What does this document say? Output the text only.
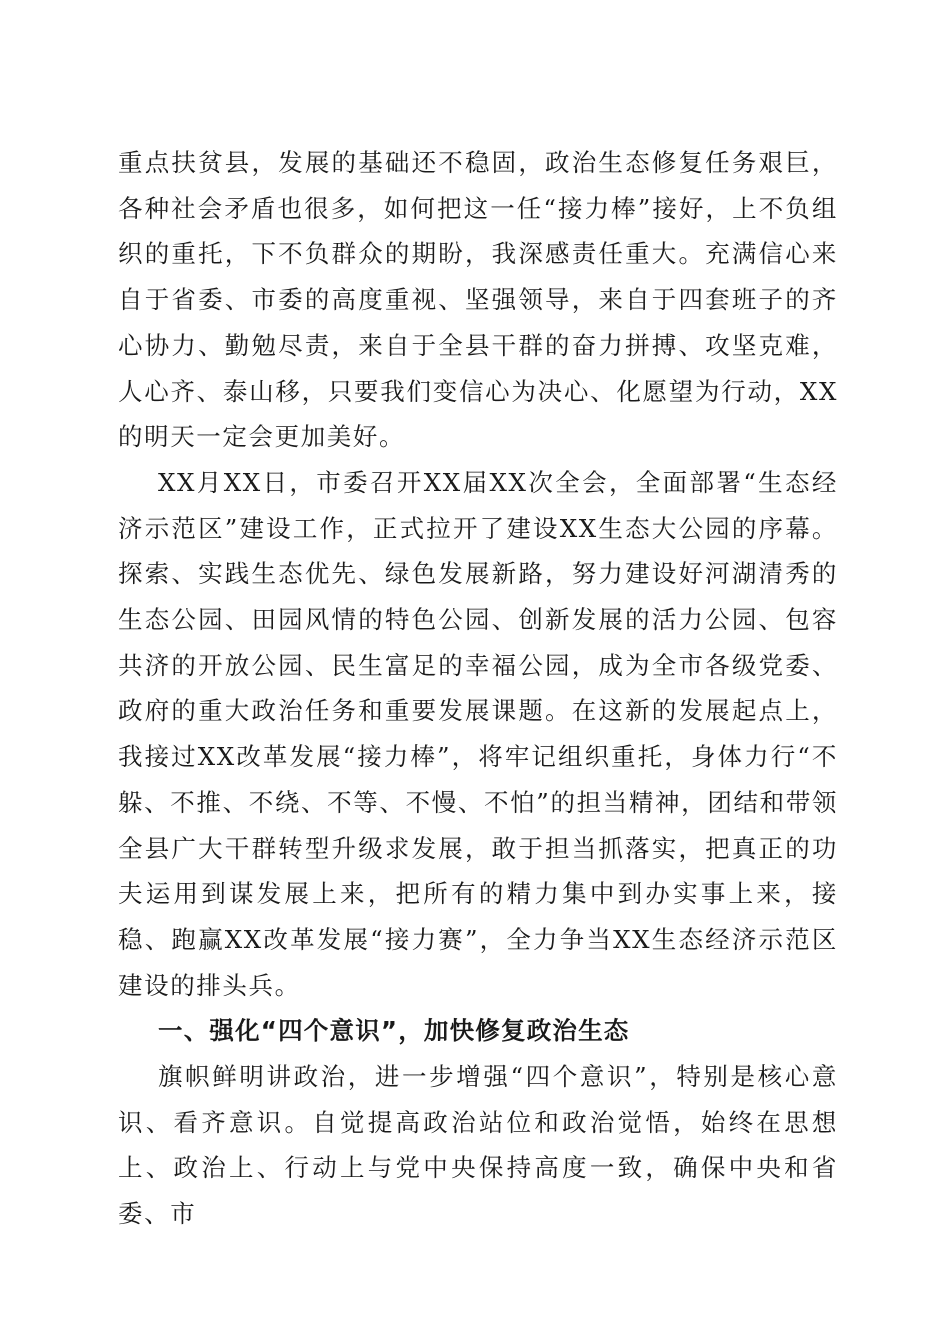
重点扶贫县，发展的基础还不稳固，政治生态修复任务艰巨，各种社会矛盾也很多，如何把这一任“接力棒”接好，上不负组织的重托，下不负群众的期盼，我深感责任重大。充满信心来自于省委、市委的高度重视、坚强领导，来自于四套班子的齐心协力、勤勉尽责，来自于全县干群的奋力拼搏、攻坚克难，人心齐、泰山移，只要我们变信心为决心、化愿望为行动，XX的明天一定会更加美好。

XX月XX日，市委召开XX届XX次全会，全面部署“生态经济示范区”建设工作，正式拉开了建设XX生态大公园的序幕。探索、实践生态优先、绿色发展新路，努力建设好河湖清秀的生态公园、田园风情的特色公园、创新发展的活力公园、包容共济的开放公园、民生富足的幸福公园，成为全市各级党委、政府的重大政治任务和重要发展课题。在这新的发展起点上，我接过XX改革发展“接力棒”，将牢记组织重托，身体力行“不躲、不推、不绕、不等、不慢、不怕”的担当精神，团结和带领全县广大干群转型升级求发展，敢于担当抓落实，把真正的功夫运用到谋发展上来，把所有的精力集中到办实事上来，接稳、跑赢XX改革发展“接力赛”，全力争当XX生态经济示范区建设的排头兵。

一、强化“四个意识”，加快修复政治生态

旗帜鲜明讲政治，进一步增强“四个意识”，特别是核心意识、看齐意识。自觉提高政治站位和政治觉悟，始终在思想上、政治上、行动上与党中央保持高度一致，确保中央和省委、市
